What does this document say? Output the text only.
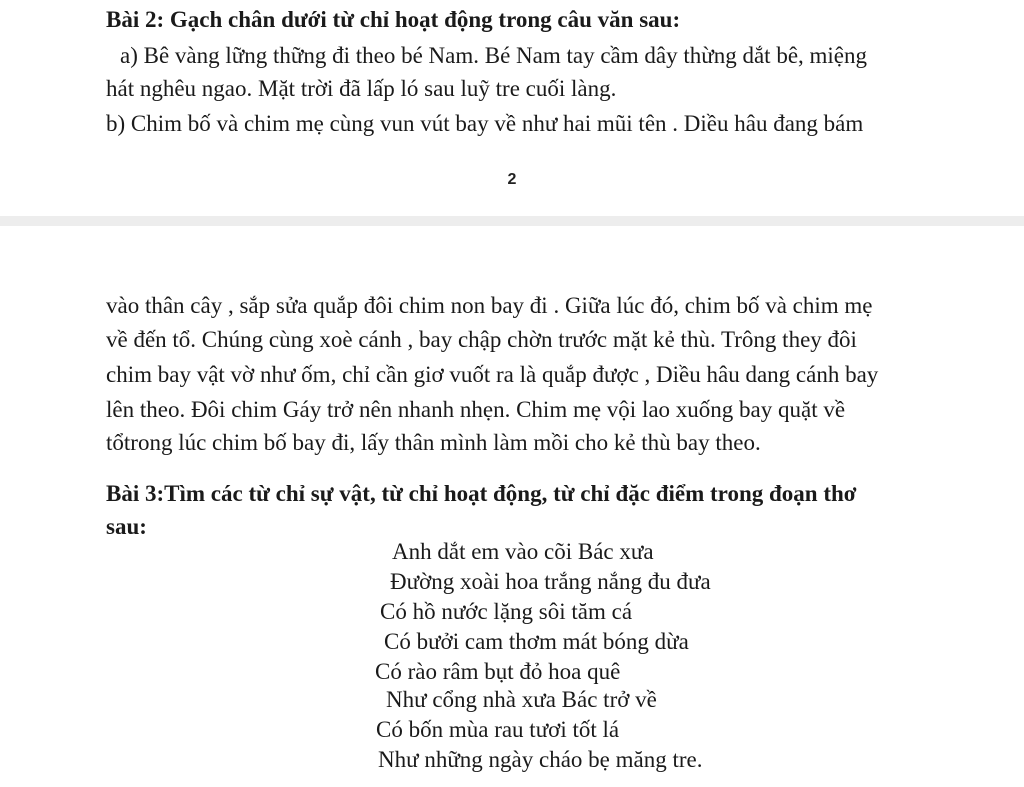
Bài 2: Gạch chân dưới từ chỉ hoạt động trong câu văn sau:
a) Bê vàng lững thững đi theo bé Nam. Bé Nam tay cầm dây thừng dắt bê, miệng
hát nghêu ngao. Mặt trời đã lấp ló sau luỹ tre cuối làng.
b) Chim bố và chim mẹ cùng vun vút bay về như hai mũi tên . Diều hâu đang bám
2
vào thân cây , sắp sửa quắp đôi chim non bay đi . Giữa lúc đó, chim bố và chim mẹ
về đến tổ. Chúng cùng xoè cánh , bay chập chờn trước mặt kẻ thù. Trông they đôi
chim bay vật vờ như ốm, chỉ cần giơ vuốt ra là quắp được , Diều hâu dang cánh bay
lên theo. Đôi chim Gáy trở nên nhanh nhẹn. Chim mẹ vội lao xuống bay quặt về
tổtrong lúc chim bố bay đi, lấy thân mình làm mồi cho kẻ thù bay theo.
Bài 3:Tìm các từ chỉ sự vật, từ chỉ hoạt động, từ chỉ đặc điểm trong đoạn thơ
sau:
Anh dắt em vào cõi Bác xưa
Đường xoài hoa trắng nắng đu đưa
Có hồ nước lặng sôi tăm cá
Có bưởi cam thơm mát bóng dừa
Có rào râm bụt đỏ hoa quê
Như cổng nhà xưa Bác trở về
Có bốn mùa rau tươi tốt lá
Như những ngày cháo bẹ măng tre.
